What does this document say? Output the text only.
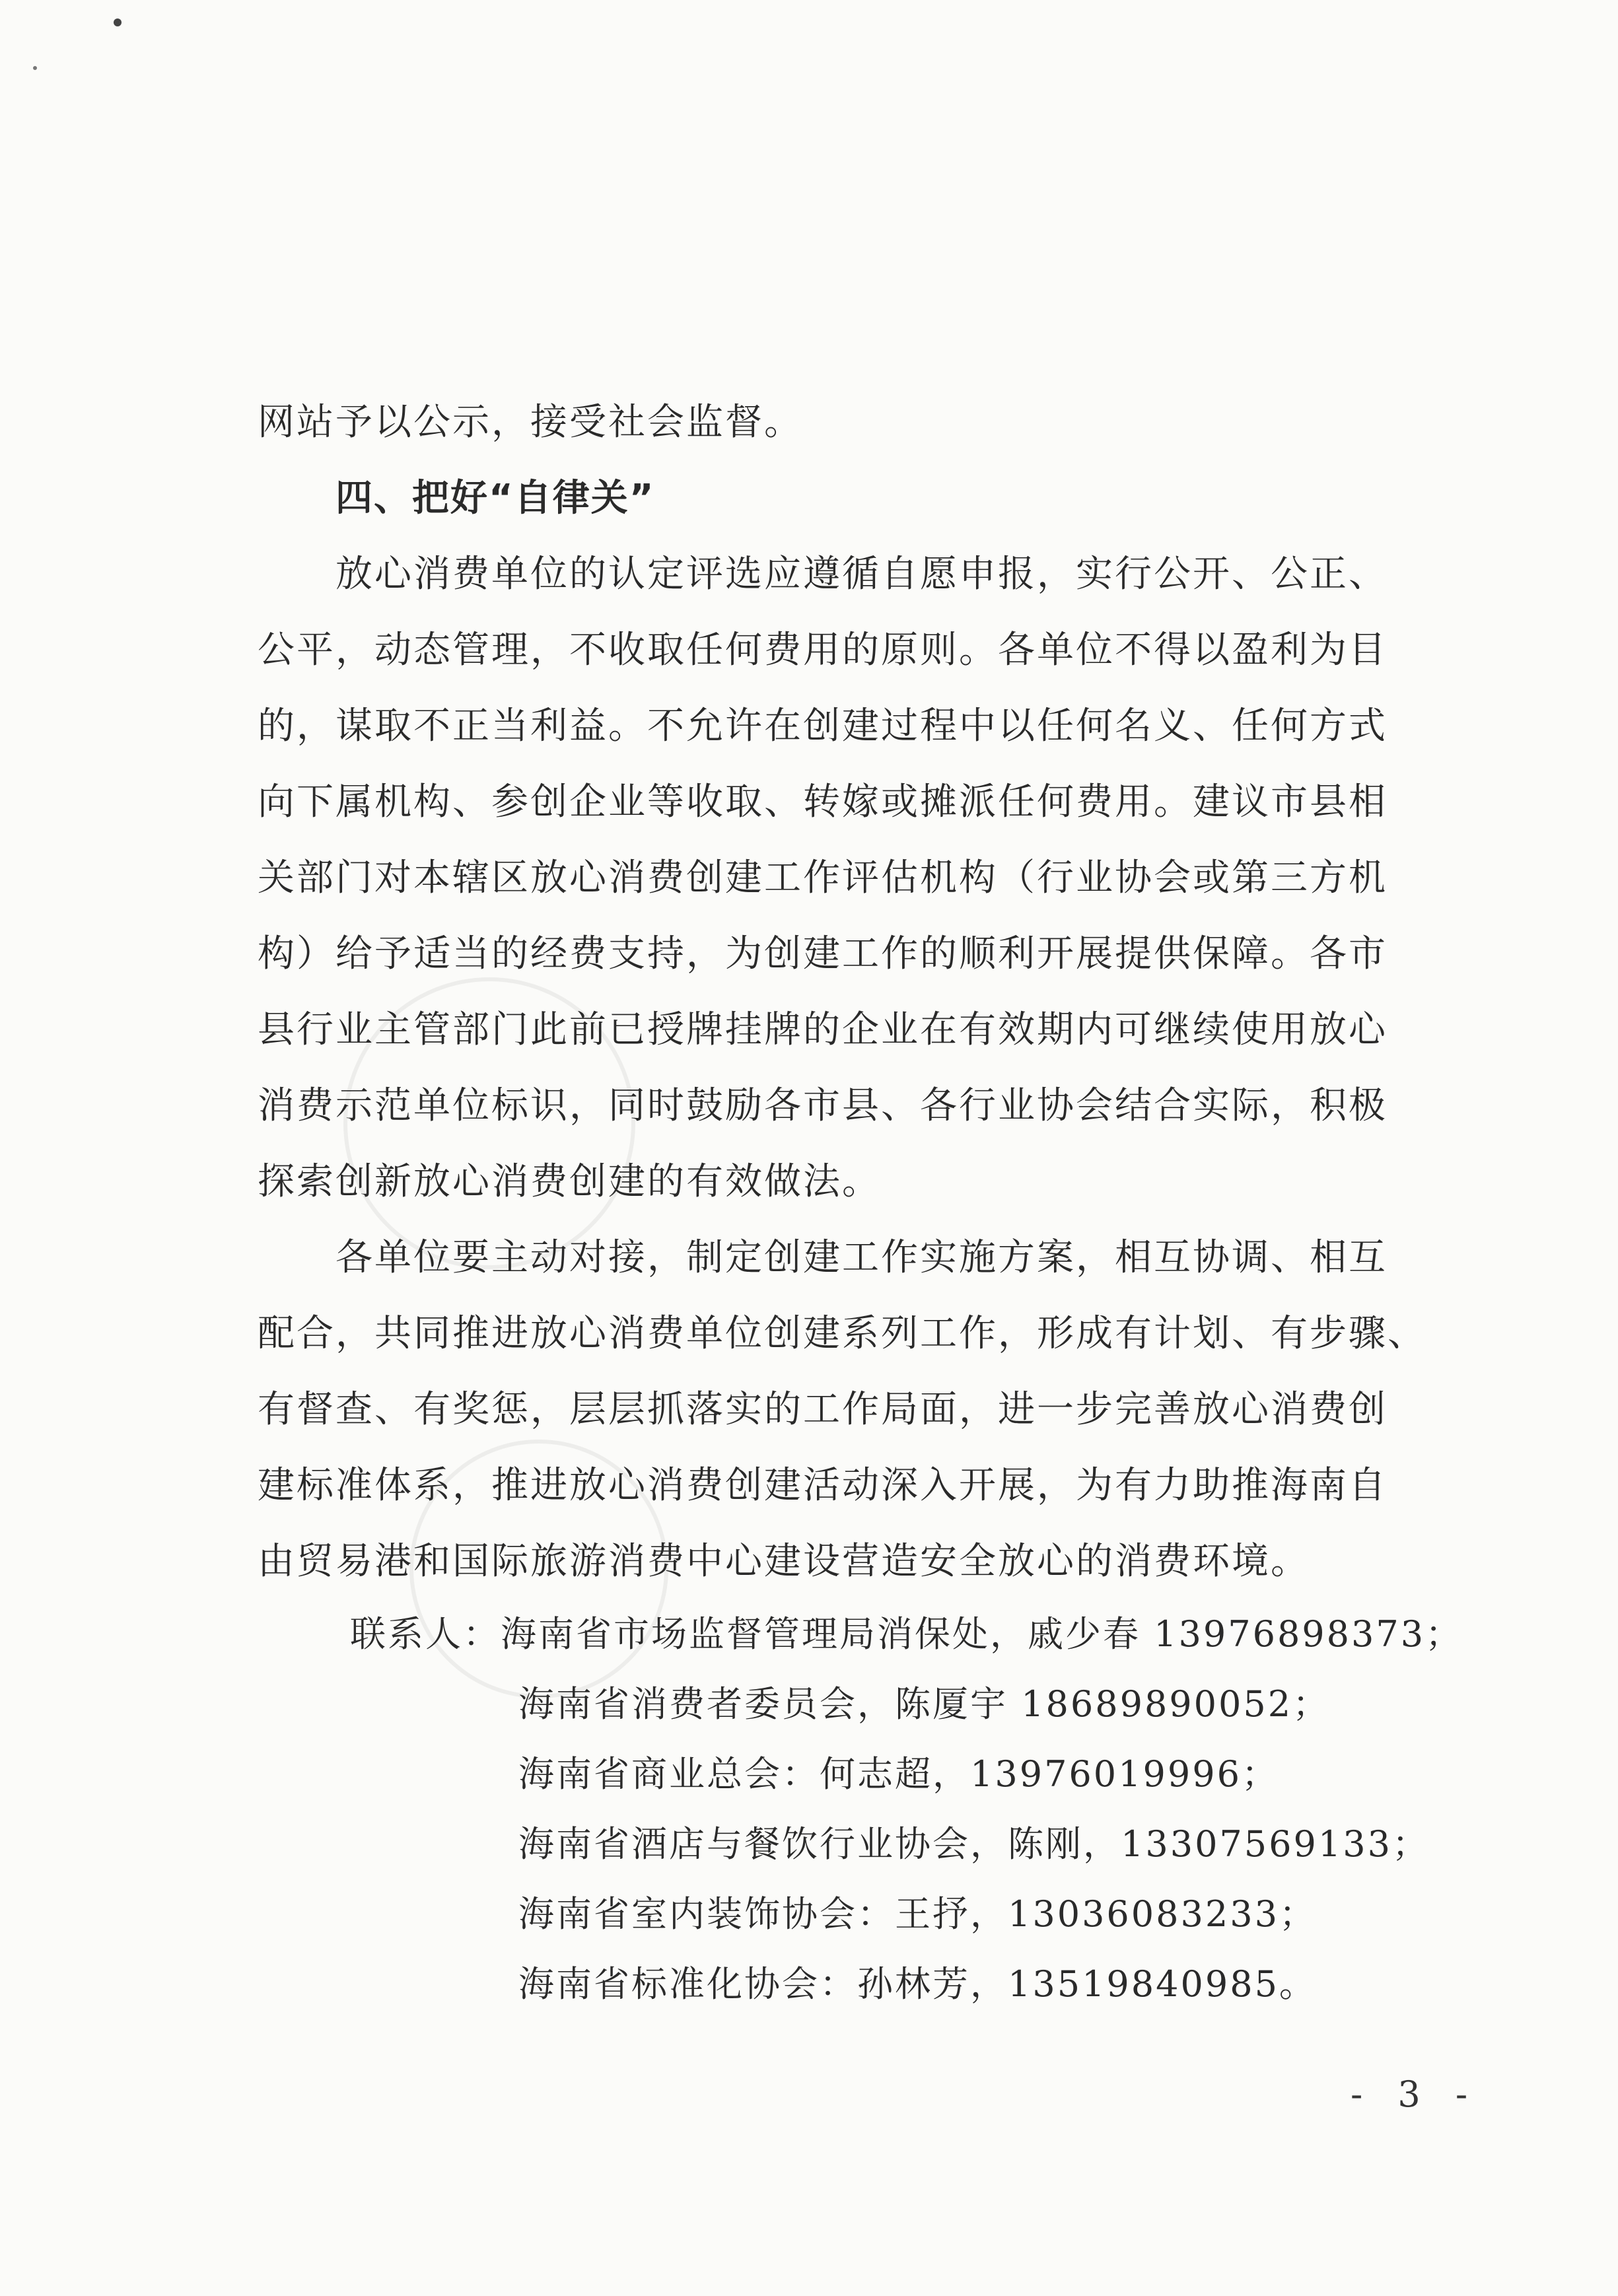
网站予以公示，接受社会监督。
四、把好“自律关”
放心消费单位的认定评选应遵循自愿申报，实行公开、公正、
公平，动态管理，不收取任何费用的原则。各单位不得以盈利为目
的，谋取不正当利益。不允许在创建过程中以任何名义、任何方式
向下属机构、参创企业等收取、转嫁或摊派任何费用。建议市县相
关部门对本辖区放心消费创建工作评估机构（行业协会或第三方机
构）给予适当的经费支持，为创建工作的顺利开展提供保障。各市
县行业主管部门此前已授牌挂牌的企业在有效期内可继续使用放心
消费示范单位标识，同时鼓励各市县、各行业协会结合实际，积极
探索创新放心消费创建的有效做法。
各单位要主动对接，制定创建工作实施方案，相互协调、相互
配合，共同推进放心消费单位创建系列工作，形成有计划、有步骤、
有督查、有奖惩，层层抓落实的工作局面，进一步完善放心消费创
建标准体系，推进放心消费创建活动深入开展，为有力助推海南自
由贸易港和国际旅游消费中心建设营造安全放心的消费环境。
联系人：海南省市场监督管理局消保处，戚少春 13976898373；
海南省消费者委员会，陈厦宇 18689890052；
海南省商业总会：何志超，13976019996；
海南省酒店与餐饮行业协会，陈刚，13307569133；
海南省室内装饰协会：王抒，13036083233；
海南省标准化协会：孙林芳，13519840985。
- 3 -
